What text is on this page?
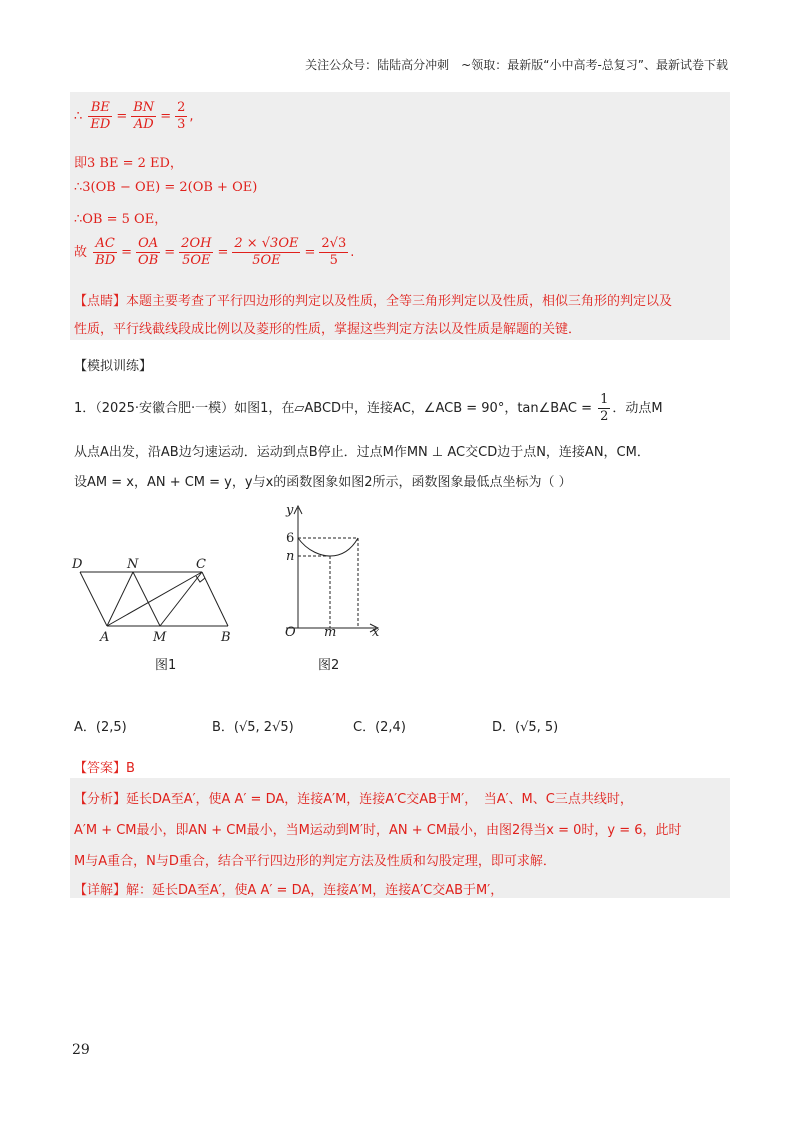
关注公众号：陆陆高分冲刺　~领取：最新版“小中高考-总复习”、最新试卷下载
∴ $\frac{BE}{ED} = \frac{BN}{AD} = \frac{2}{3}$ ,
即3 BE = 2 ED，
∴3(OB − OE) = 2(OB + OE)
∴OB = 5 OE，
故 $\frac{AC}{BD} = \frac{OA}{OB} = \frac{2OH}{5OE} = \frac{2 \times √3OE}{5OE} = \frac{2√3}{5}$ .
【点睛】本题主要考查了平行四边形的判定以及性质，全等三角形判定以及性质，相似三角形的判定以及
性质，平行线截线段成比例以及菱形的性质，掌握这些判定方法以及性质是解题的关键．
【模拟训练】
1．（2025·安徽合肥·一模）如图1，在▱ABCD中，连接AC，∠ACB = 90°，tan∠BAC = $\frac{1}{2}$ ．动点M
从点A出发，沿AB边匀速运动．运动到点B停止．过点M作MN ⊥ AC交CD边于点N，连接AN，CM．
设AM = x，AN + CM = y，y与x的函数图象如图2所示，函数图象最低点坐标为（ ）
D	N	C
A	M	B
图1
y
6
n
O m	x
图2
A．(2,5)	B．(√5, 2√5)	C．(2,4)	D．(√5, 5)
【答案】B
【分析】延长DA至A′，使A A′ = DA，连接A′M，连接A′C交AB于M′，　当A′、M、C三点共线时，
A′M + CM最小，即AN + CM最小，当M运动到M′时，AN + CM最小，由图2得当x = 0时，y = 6，此时
M与A重合，N与D重合，结合平行四边形的判定方法及性质和勾股定理，即可求解．
【详解】解：延长DA至A′，使A A′ = DA，连接A′M，连接A′C交AB于M′，
29
